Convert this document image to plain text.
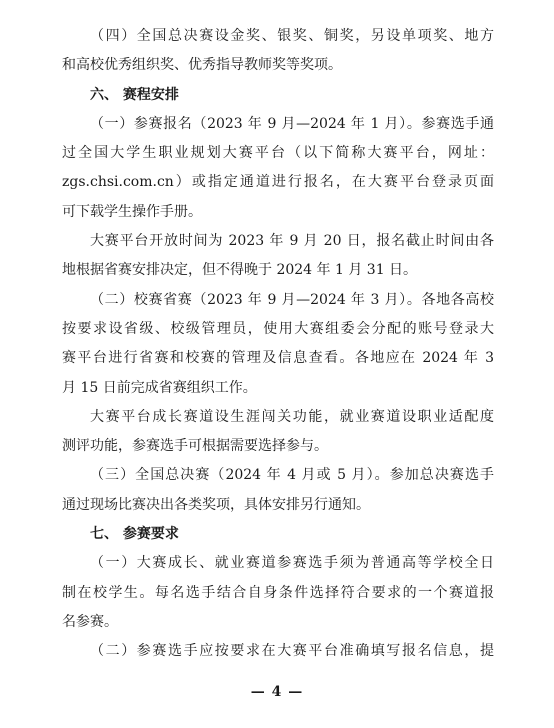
（四）全国总决赛设金奖、银奖、铜奖，另设单项奖、地方
和高校优秀组织奖、优秀指导教师奖等奖项。
六、 赛程安排
（一）参赛报名（2023 年 9 月—2024 年 1 月）。参赛选手通
过全国大学生职业规划大赛平台（以下简称大赛平台，网址：
zgs.chsi.com.cn）或指定通道进行报名，在大赛平台登录页面
可下载学生操作手册。
大赛平台开放时间为 2023 年 9 月 20 日，报名截止时间由各
地根据省赛安排决定，但不得晚于 2024 年 1 月 31 日。
（二）校赛省赛（2023 年 9 月—2024 年 3 月）。各地各高校
按要求设省级、校级管理员，使用大赛组委会分配的账号登录大
赛平台进行省赛和校赛的管理及信息查看。各地应在 2024 年 3
月 15 日前完成省赛组织工作。
大赛平台成长赛道设生涯闯关功能，就业赛道设职业适配度
测评功能，参赛选手可根据需要选择参与。
（三）全国总决赛（2024 年 4 月或 5 月）。参加总决赛选手
通过现场比赛决出各类奖项，具体安排另行通知。
七、 参赛要求
（一）大赛成长、就业赛道参赛选手须为普通高等学校全日
制在校学生。每名选手结合自身条件选择符合要求的一个赛道报
名参赛。
（二）参赛选手应按要求在大赛平台准确填写报名信息，提
— 4 —
